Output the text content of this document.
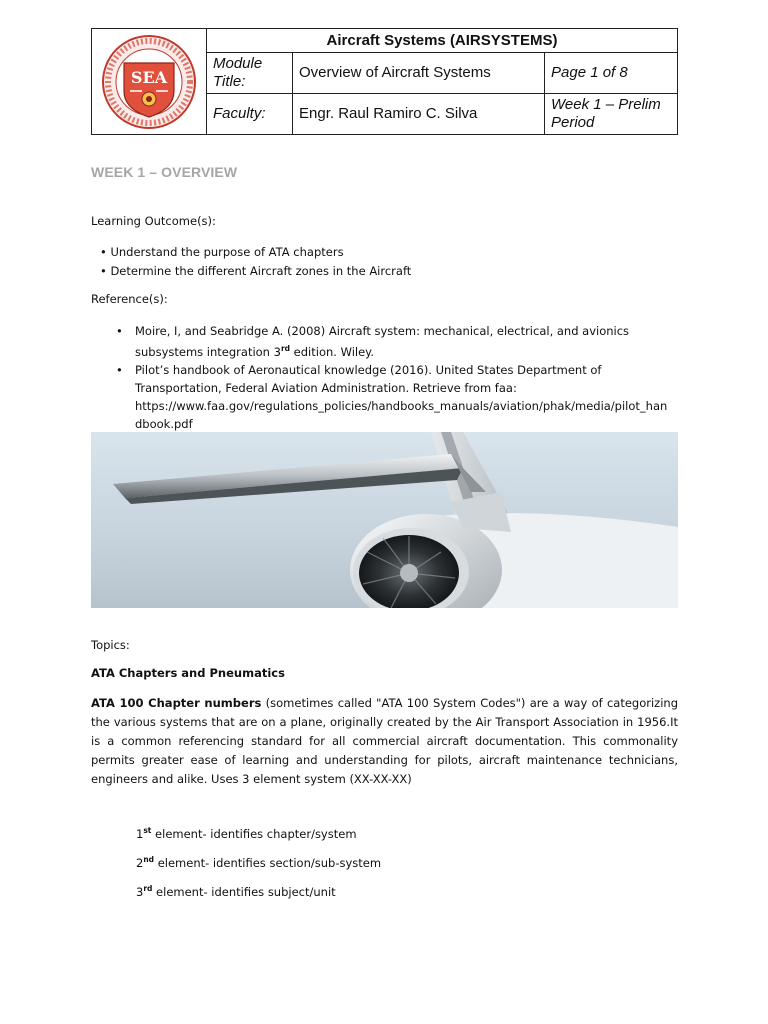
SEA
Aircraft Systems (AIRSYSTEMS)
Module Title:
Overview of Aircraft Systems	Page 1 of 8
Faculty:	Engr. Raul Ramiro C. Silva
Week 1 – Prelim Period
WEEK 1 – OVERVIEW
Learning Outcome(s):
• Understand the purpose of ATA chapters
• Determine the different Aircraft zones in the Aircraft
Reference(s):
• Moire, I, and Seabridge A. (2008) Aircraft system: mechanical, electrical, and avionics subsystems integration 3rd edition. Wiley.
• Pilot’s handbook of Aeronautical knowledge (2016). United States Department of Transportation, Federal Aviation Administration. Retrieve from faa:
https://www.faa.gov/regulations_policies/handbooks_manuals/aviation/phak/media/pilot_han
dbook.pdf
Topics:
ATA Chapters and Pneumatics
ATA 100 Chapter numbers (sometimes called "ATA 100 System Codes") are a way of categorizing the various systems that are on a plane, originally created by the Air Transport Association in 1956.It is a common referencing standard for all commercial aircraft documentation. This commonality permits greater ease of learning and understanding for pilots, aircraft maintenance technicians, engineers and alike. Uses 3 element system (XX-XX-XX)
1st element- identifies chapter/system
2nd element- identifies section/sub-system
3rd element- identifies subject/unit
